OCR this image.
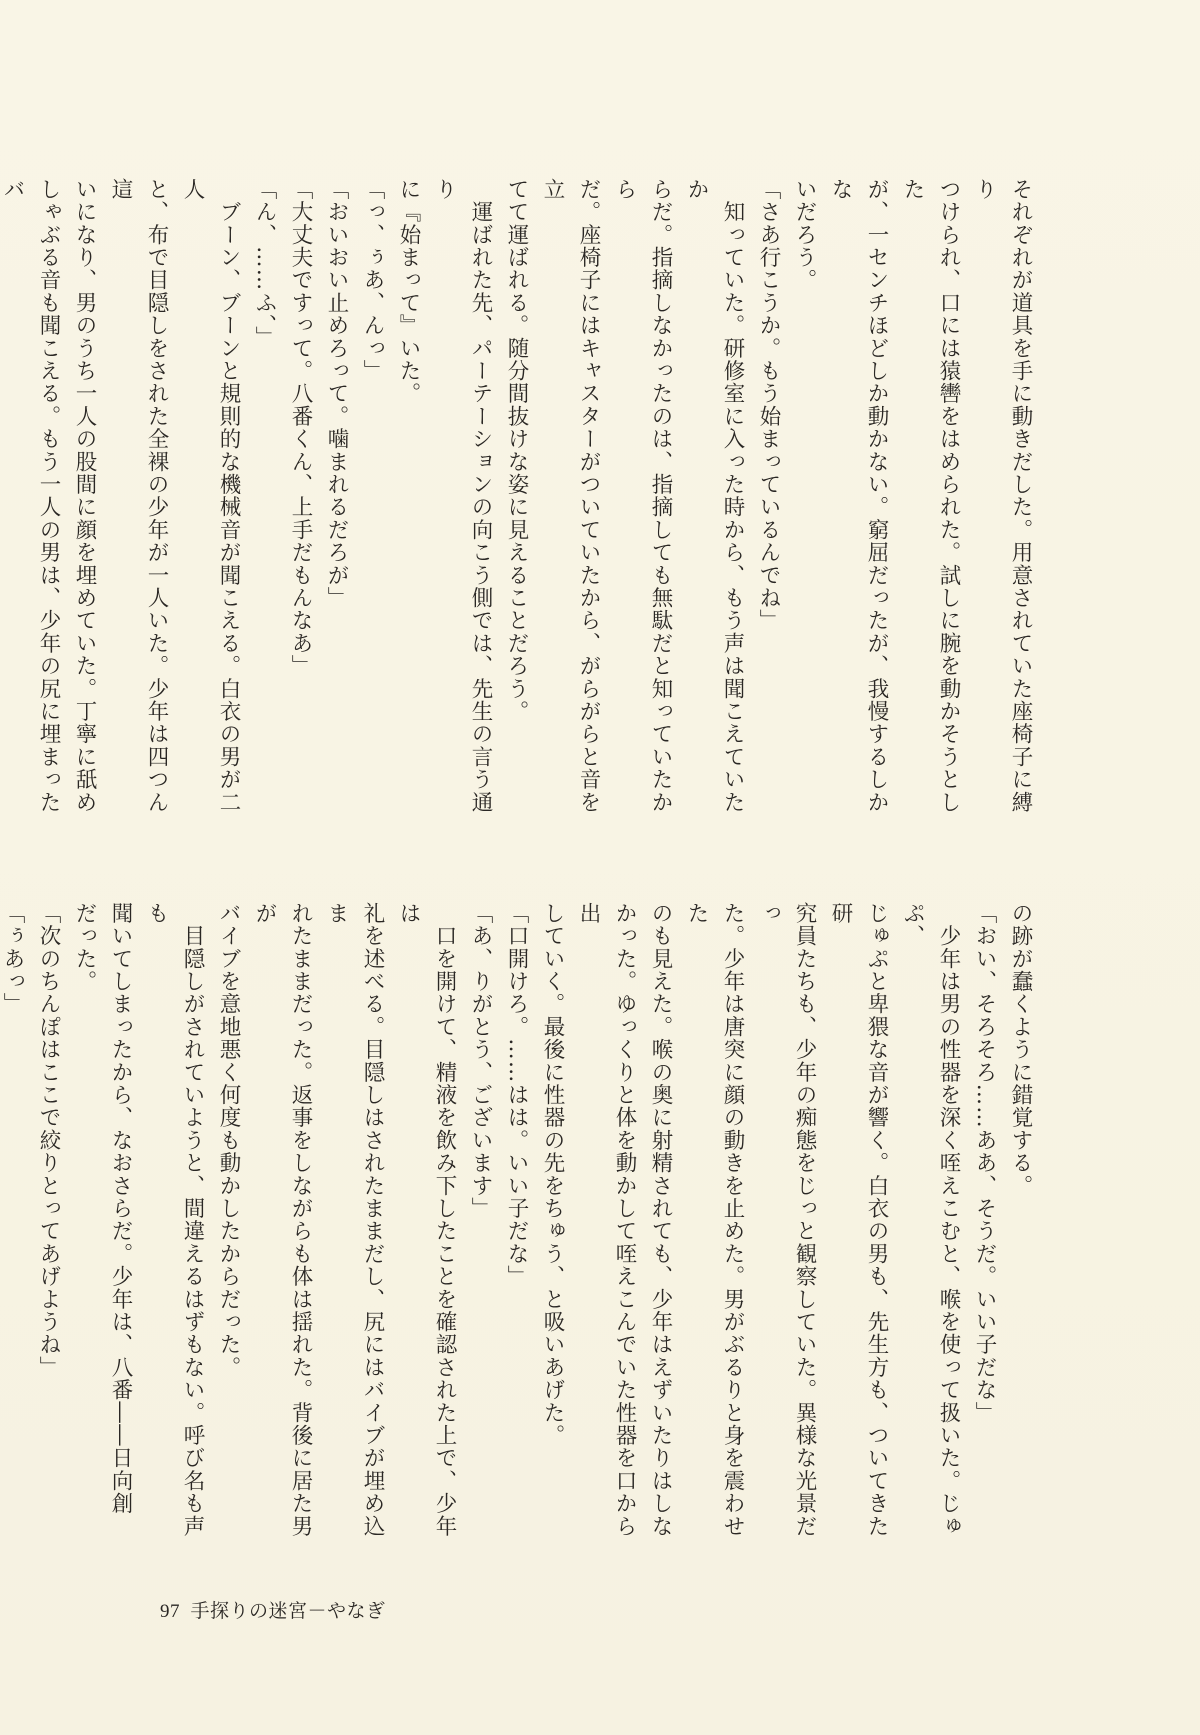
それぞれが道具を手に動きだした。用意されていた座椅子に縛り
つけられ、口には猿轡をはめられた。試しに腕を動かそうとした
が、一センチほどしか動かない。窮屈だったが、我慢するしかな
いだろう。
「さあ行こうか。もう始まっているんでね」
　知っていた。研修室に入った時から、もう声は聞こえていたか
らだ。指摘しなかったのは、指摘しても無駄だと知っていたから
だ。座椅子にはキャスターがついていたから、がらがらと音を立
てて運ばれる。随分間抜けな姿に見えることだろう。
　運ばれた先、パーテーションの向こう側では、先生の言う通り
に『始まって』いた。
「っ、ぅあ、んっ」
「おいおい止めろって。噛まれるだろが」
「大丈夫ですって。八番くん、上手だもんなあ」
「ん、……ふ、」
　ブーン、ブーンと規則的な機械音が聞こえる。白衣の男が二人
と、布で目隠しをされた全裸の少年が一人いた。少年は四つん這
いになり、男のうち一人の股間に顔を埋めていた。丁寧に舐め
しゃぶる音も聞こえる。もう一人の男は、少年の尻に埋まったバ
の跡が蠢くように錯覚する。
「おい、そろそろ……ああ、そうだ。いい子だな」
　少年は男の性器を深く咥えこむと、喉を使って扱いた。じゅぷ、
じゅぷと卑猥な音が響く。白衣の男も、先生方も、ついてきた研
究員たちも、少年の痴態をじっと観察していた。異様な光景だっ
た。少年は唐突に顔の動きを止めた。男がぶるりと身を震わせた
のも見えた。喉の奥に射精されても、少年はえずいたりはしな
かった。ゆっくりと体を動かして咥えこんでいた性器を口から出
していく。最後に性器の先をちゅう、と吸いあげた。
「口開けろ。……はは。いい子だな」
「あ、りがとう、ございます」
　口を開けて、精液を飲み下したことを確認された上で、少年は
礼を述べる。目隠しはされたままだし、尻にはバイブが埋め込ま
れたままだった。返事をしながらも体は揺れた。背後に居た男が
バイブを意地悪く何度も動かしたからだった。
　目隠しがされていようと、間違えるはずもない。呼び名も声も
聞いてしまったから、なおさらだ。少年は、八番――日向創
だった。
「次のちんぽはここで絞りとってあげようね」
「ぅあっ」
97 手探りの迷宮－やなぎ
